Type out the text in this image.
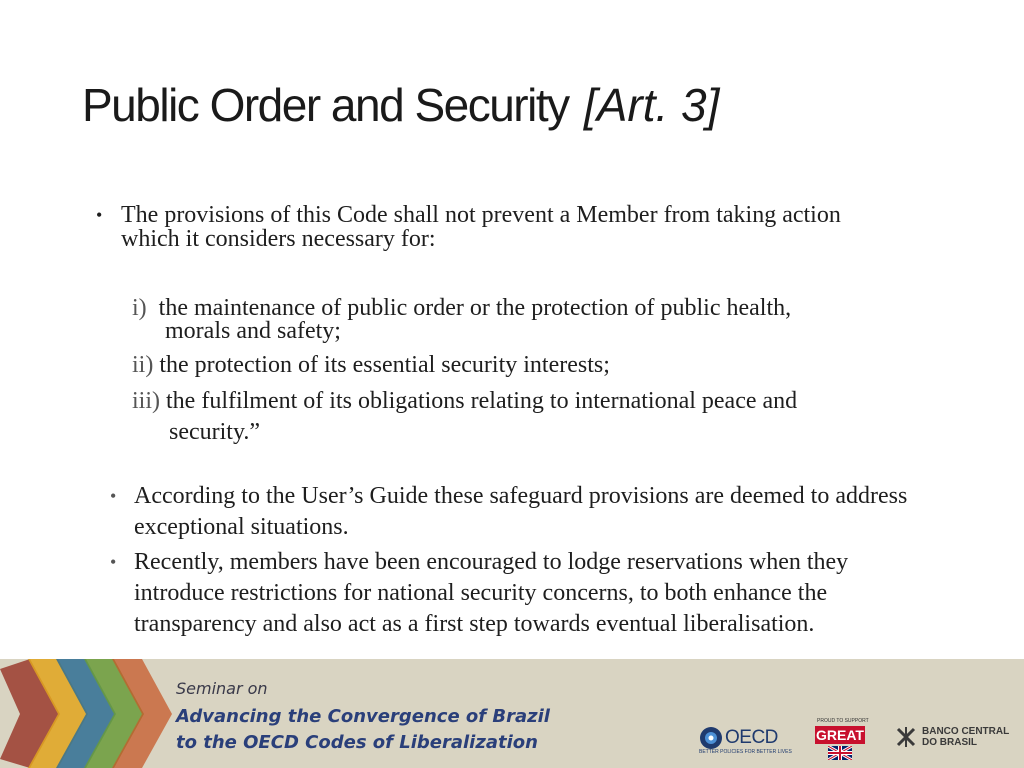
Public Order and Security [Art. 3]
• The provisions of this Code shall not prevent a Member from taking action which it considers necessary for:
i) the maintenance of public order or the protection of public health,
morals and safety;
ii) the protection of its essential security interests;
iii) the fulfilment of its obligations relating to international peace and
security.”
• According to the User’s Guide these safeguard provisions are deemed to address exceptional situations.
• Recently, members have been encouraged to lodge reservations when they introduce restrictions for national security concerns, to both enhance the transparency and also act as a first step towards eventual liberalisation.
Seminar on
Advancing the Convergence of Brazil
to the OECD Codes of Liberalization	OECD
BETTER POLICIES FOR BETTER LIVES
PROUD TO SUPPORT
GREAT	BANCO CENTRAL
DO BRASIL
